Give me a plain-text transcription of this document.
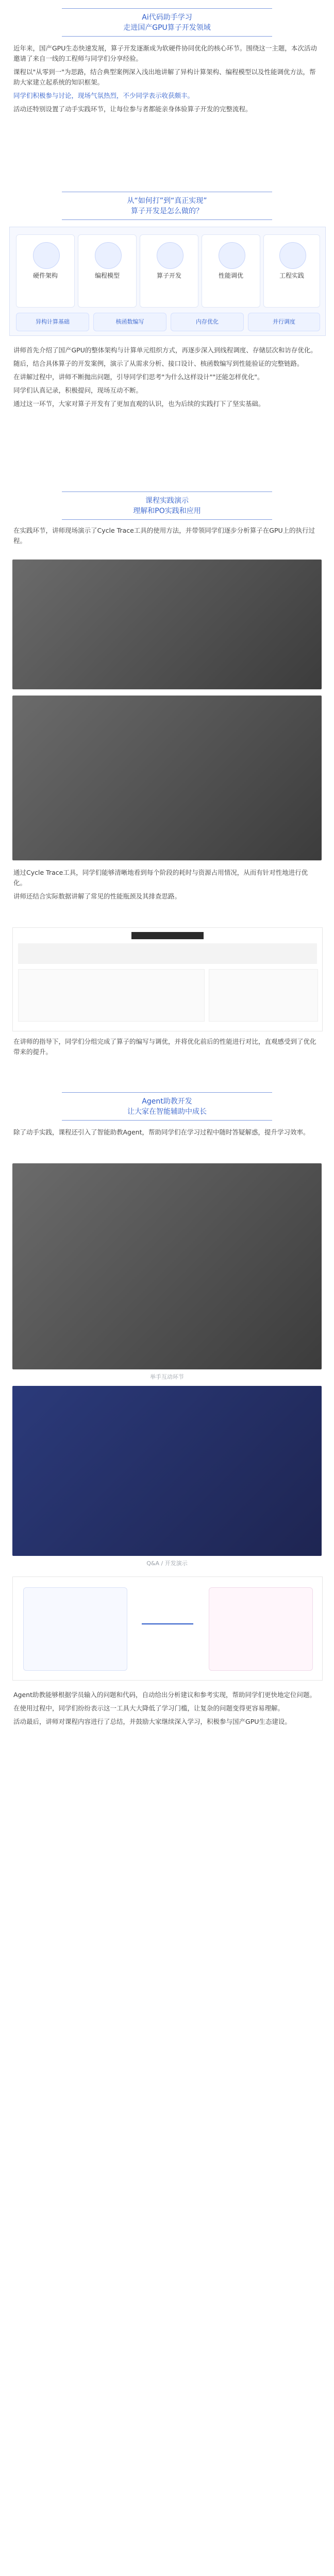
Ai代码助手学习
走进国产GPU算子开发领域

近年来，国产GPU生态快速发展，算子开发逐渐成为软硬件协同优化的核心环节。围绕这一主题，本次活动邀请了来自一线的工程师与同学们分享经验。

课程以"从零到一"为思路，结合典型案例深入浅出地讲解了异构计算架构、编程模型以及性能调优方法，帮助大家建立起系统的知识框架。

同学们积极参与讨论，现场气氛热烈，不少同学表示收获颇丰。

活动还特别设置了动手实践环节，让每位参与者都能亲身体验算子开发的完整流程。

从“如何打”到“真正实现”
算子开发是怎么做的？
硬件架构	编程模型	算子开发	性能调优	工程实践
异构计算基础	核函数编写	内存优化	并行调度

讲师首先介绍了国产GPU的整体架构与计算单元组织方式，再逐步深入到线程调度、存储层次和访存优化。

随后，结合具体算子的开发案例，演示了从需求分析、接口设计、核函数编写到性能验证的完整链路。

在讲解过程中，讲师不断抛出问题，引导同学们思考"为什么这样设计""还能怎样优化"。

同学们认真记录，积极提问，现场互动不断。

通过这一环节，大家对算子开发有了更加直观的认识，也为后续的实践打下了坚实基础。

课程实践演示
理解和PO实践和应用

在实践环节，讲师现场演示了Cycle Trace工具的使用方法，并带领同学们逐步分析算子在GPU上的执行过程。

通过Cycle Trace工具，同学们能够清晰地看到每个阶段的耗时与资源占用情况，从而有针对性地进行优化。

讲师还结合实际数据讲解了常见的性能瓶颈及其排查思路。

在讲师的指导下，同学们分组完成了算子的编写与调优，并将优化前后的性能进行对比，直观感受到了优化带来的提升。

Agent助教开发
让大家在智能辅助中成长

除了动手实践，课程还引入了智能助教Agent，帮助同学们在学习过程中随时答疑解惑，提升学习效率。

举手互动环节
Q&A / 开发演示

Agent助教能够根据学员输入的问题和代码，自动给出分析建议和参考实现，帮助同学们更快地定位问题。

在使用过程中，同学们纷纷表示这一工具大大降低了学习门槛，让复杂的问题变得更容易理解。

活动最后，讲师对课程内容进行了总结，并鼓励大家继续深入学习，积极参与国产GPU生态建设。
